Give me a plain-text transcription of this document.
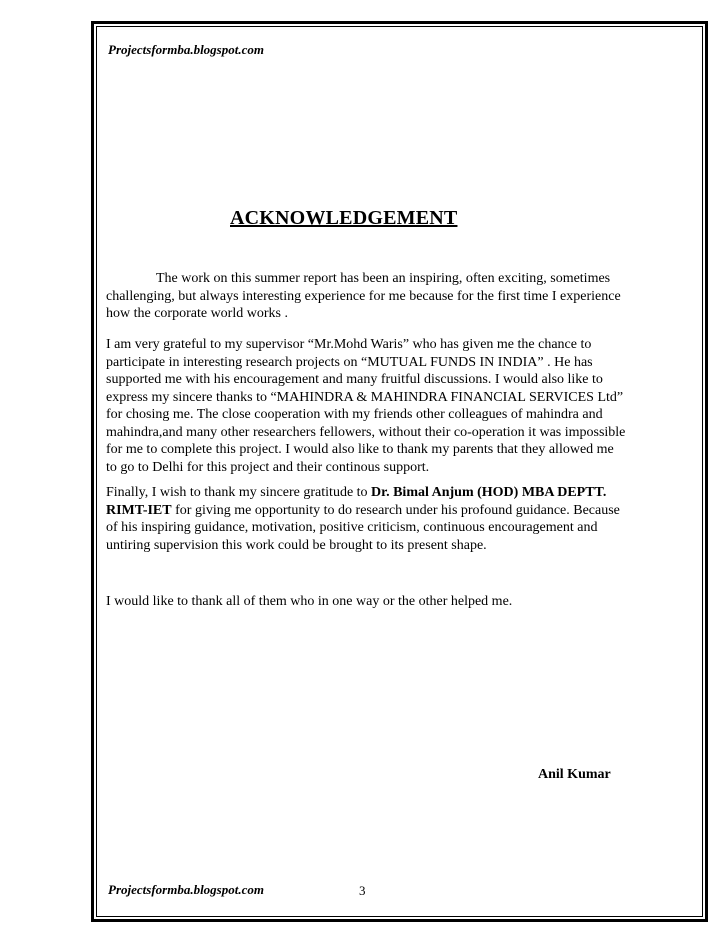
Projectsformba.blogspot.com
ACKNOWLEDGEMENT
The work on this summer report has been an inspiring, often exciting, sometimes challenging, but always interesting experience for me because for the first time I experience how the corporate world works .
I am very grateful to my supervisor “Mr.Mohd Waris” who has given me the chance to participate in interesting research projects on “MUTUAL FUNDS IN INDIA” . He has supported me with his encouragement and many fruitful discussions. I would also like to express my sincere thanks to “MAHINDRA & MAHINDRA FINANCIAL SERVICES Ltd” for chosing me. The close cooperation with my friends other colleagues of mahindra and mahindra,and many other researchers fellowers, without their co-operation it was impossible for me to complete this project. I would also like to thank my parents that they allowed me to go to Delhi for this project and their continous support.
Finally, I wish to thank my sincere gratitude to Dr. Bimal Anjum (HOD) MBA DEPTT. RIMT-IET for giving me opportunity to do research under his profound guidance. Because of his inspiring guidance, motivation, positive criticism, continuous encouragement and untiring supervision this work could be brought to its present shape.
I would like to thank all of them who in one way or the other helped me.
Anil Kumar
Projectsformba.blogspot.com	3
